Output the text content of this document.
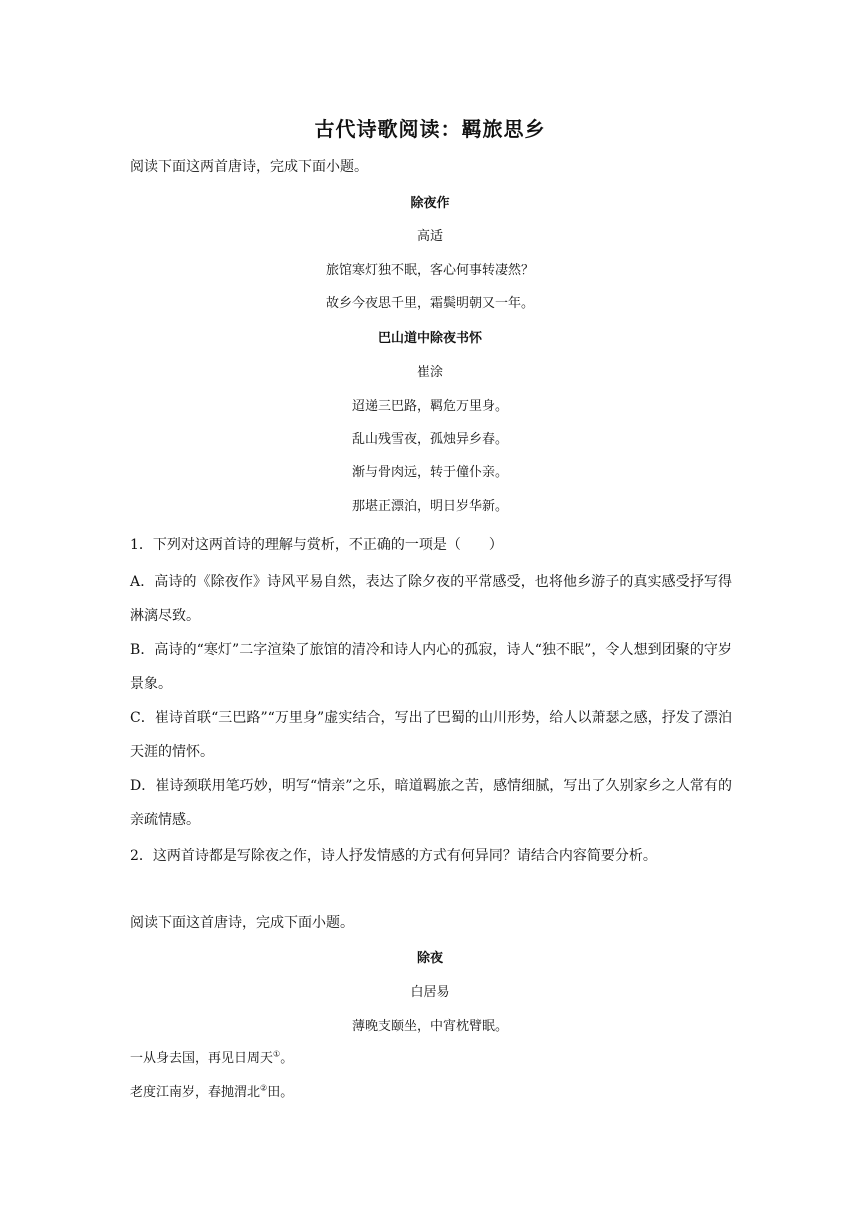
古代诗歌阅读：羁旅思乡
阅读下面这两首唐诗，完成下面小题。
除夜作
高适
旅馆寒灯独不眠，客心何事转凄然？
故乡今夜思千里，霜鬓明朝又一年。
巴山道中除夜书怀
崔涂
迢递三巴路，羁危万里身。
乱山残雪夜，孤烛异乡春。
渐与骨肉远，转于僮仆亲。
那堪正漂泊，明日岁华新。
1．下列对这两首诗的理解与赏析，不正确的一项是（　　）
A．高诗的《除夜作》诗风平易自然，表达了除夕夜的平常感受，也将他乡游子的真实感受抒写得淋漓尽致。
B．高诗的“寒灯”二字渲染了旅馆的清冷和诗人内心的孤寂，诗人“独不眠”，令人想到团聚的守岁景象。
C．崔诗首联“三巴路”“万里身”虚实结合，写出了巴蜀的山川形势，给人以萧瑟之感，抒发了漂泊天涯的情怀。
D．崔诗颈联用笔巧妙，明写“情亲”之乐，暗道羁旅之苦，感情细腻，写出了久别家乡之人常有的亲疏情感。
2．这两首诗都是写除夜之作，诗人抒发情感的方式有何异同？请结合内容简要分析。
阅读下面这首唐诗，完成下面小题。
除夜
白居易
薄晚支颐坐，中宵枕臂眠。
一从身去国，再见日周天①。
老度江南岁，春抛渭北②田。
